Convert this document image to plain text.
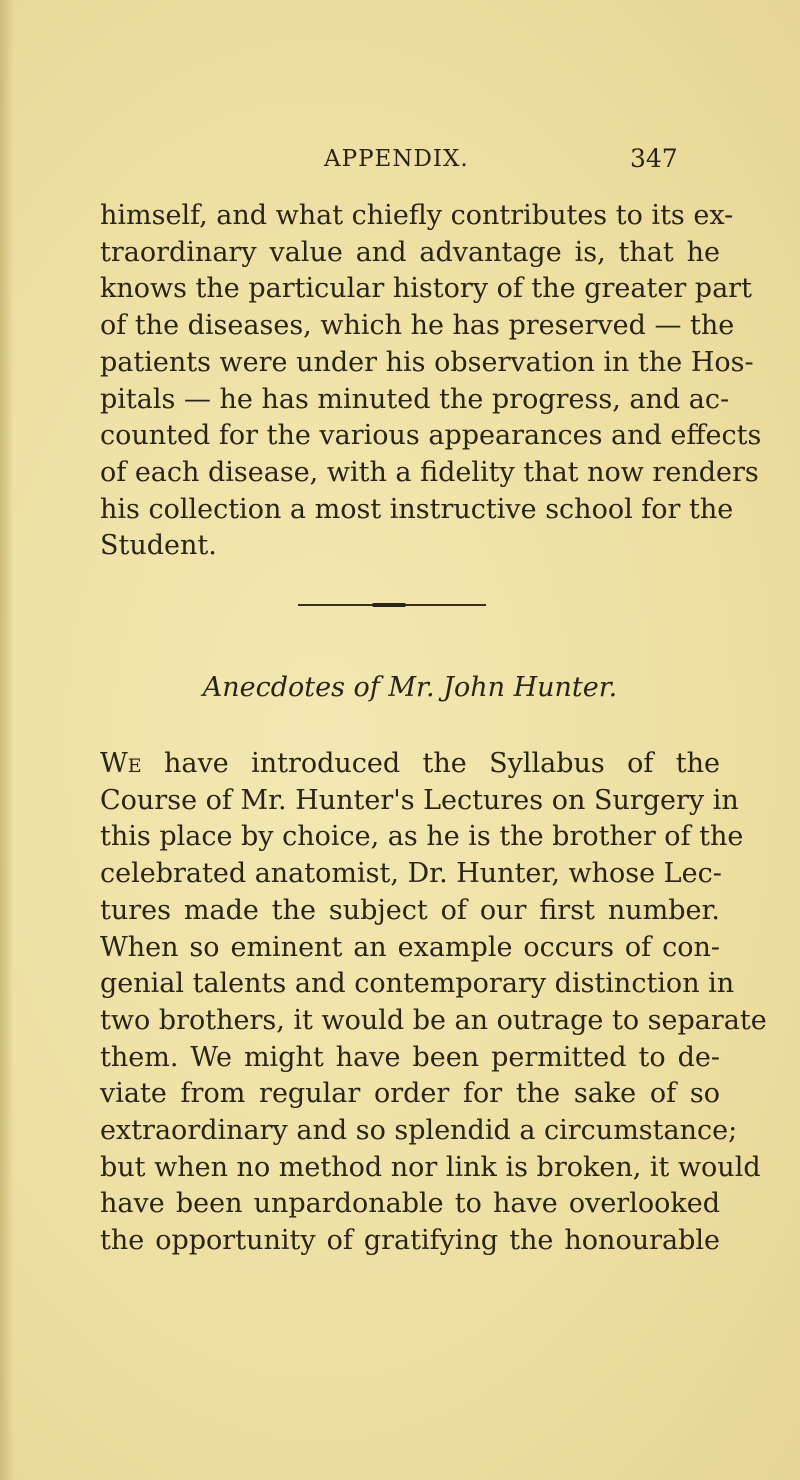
APPENDIX.	347
himself, and what chiefly contributes to its ex-
traordinary value and advantage is, that he
knows the particular history of the greater part
of the diseases, which he has preserved — the
patients were under his observation in the Hos-
pitals — he has minuted the progress, and ac-
counted for the various appearances and effects
of each disease, with a fidelity that now renders
his collection a most instructive school for the
Student.
Anecdotes of Mr. John Hunter.
We have introduced the Syllabus of the
Course of Mr. Hunter's Lectures on Surgery in
this place by choice, as he is the brother of the
celebrated anatomist, Dr. Hunter, whose Lec-
tures made the subject of our first number.
When so eminent an example occurs of con-
genial talents and contemporary distinction in
two brothers, it would be an outrage to separate
them. We might have been permitted to de-
viate from regular order for the sake of so
extraordinary and so splendid a circumstance;
but when no method nor link is broken, it would
have been unpardonable to have overlooked
the opportunity of gratifying the honourable
